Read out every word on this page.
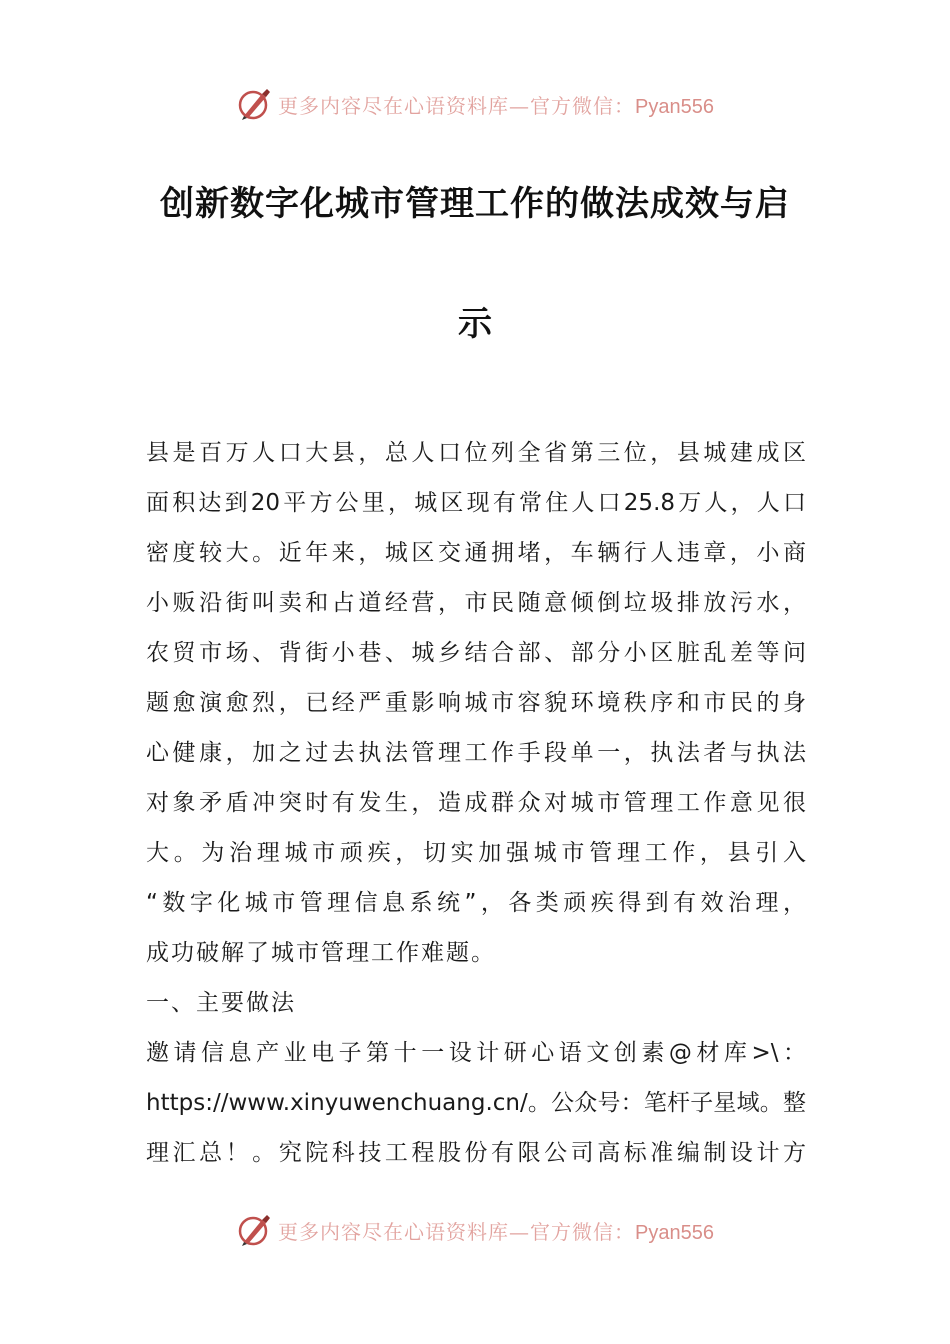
更多内容尽在心语资料库—官方微信：Pyan556
创新数字化城市管理工作的做法成效与启
示
县是百万人口大县，总人口位列全省第三位，县城建成区
面积达到20平方公里，城区现有常住人口25.8万人，人口
密度较大。近年来，城区交通拥堵，车辆行人违章，小商
小贩沿街叫卖和占道经营，市民随意倾倒垃圾排放污水，
农贸市场、背街小巷、城乡结合部、部分小区脏乱差等问
题愈演愈烈，已经严重影响城市容貌环境秩序和市民的身
心健康，加之过去执法管理工作手段单一，执法者与执法
对象矛盾冲突时有发生，造成群众对城市管理工作意见很
大。为治理城市顽疾，切实加强城市管理工作，县引入
“数字化城市管理信息系统”，各类顽疾得到有效治理，
成功破解了城市管理工作难题。
一、主要做法
邀请信息产业电子第十一设计研心语文创素@材库>\：
https://www.xinyuwenchuang.cn/。公众号：笔杆子星域。整
理汇总！。究院科技工程股份有限公司高标准编制设计方
更多内容尽在心语资料库—官方微信：Pyan556
